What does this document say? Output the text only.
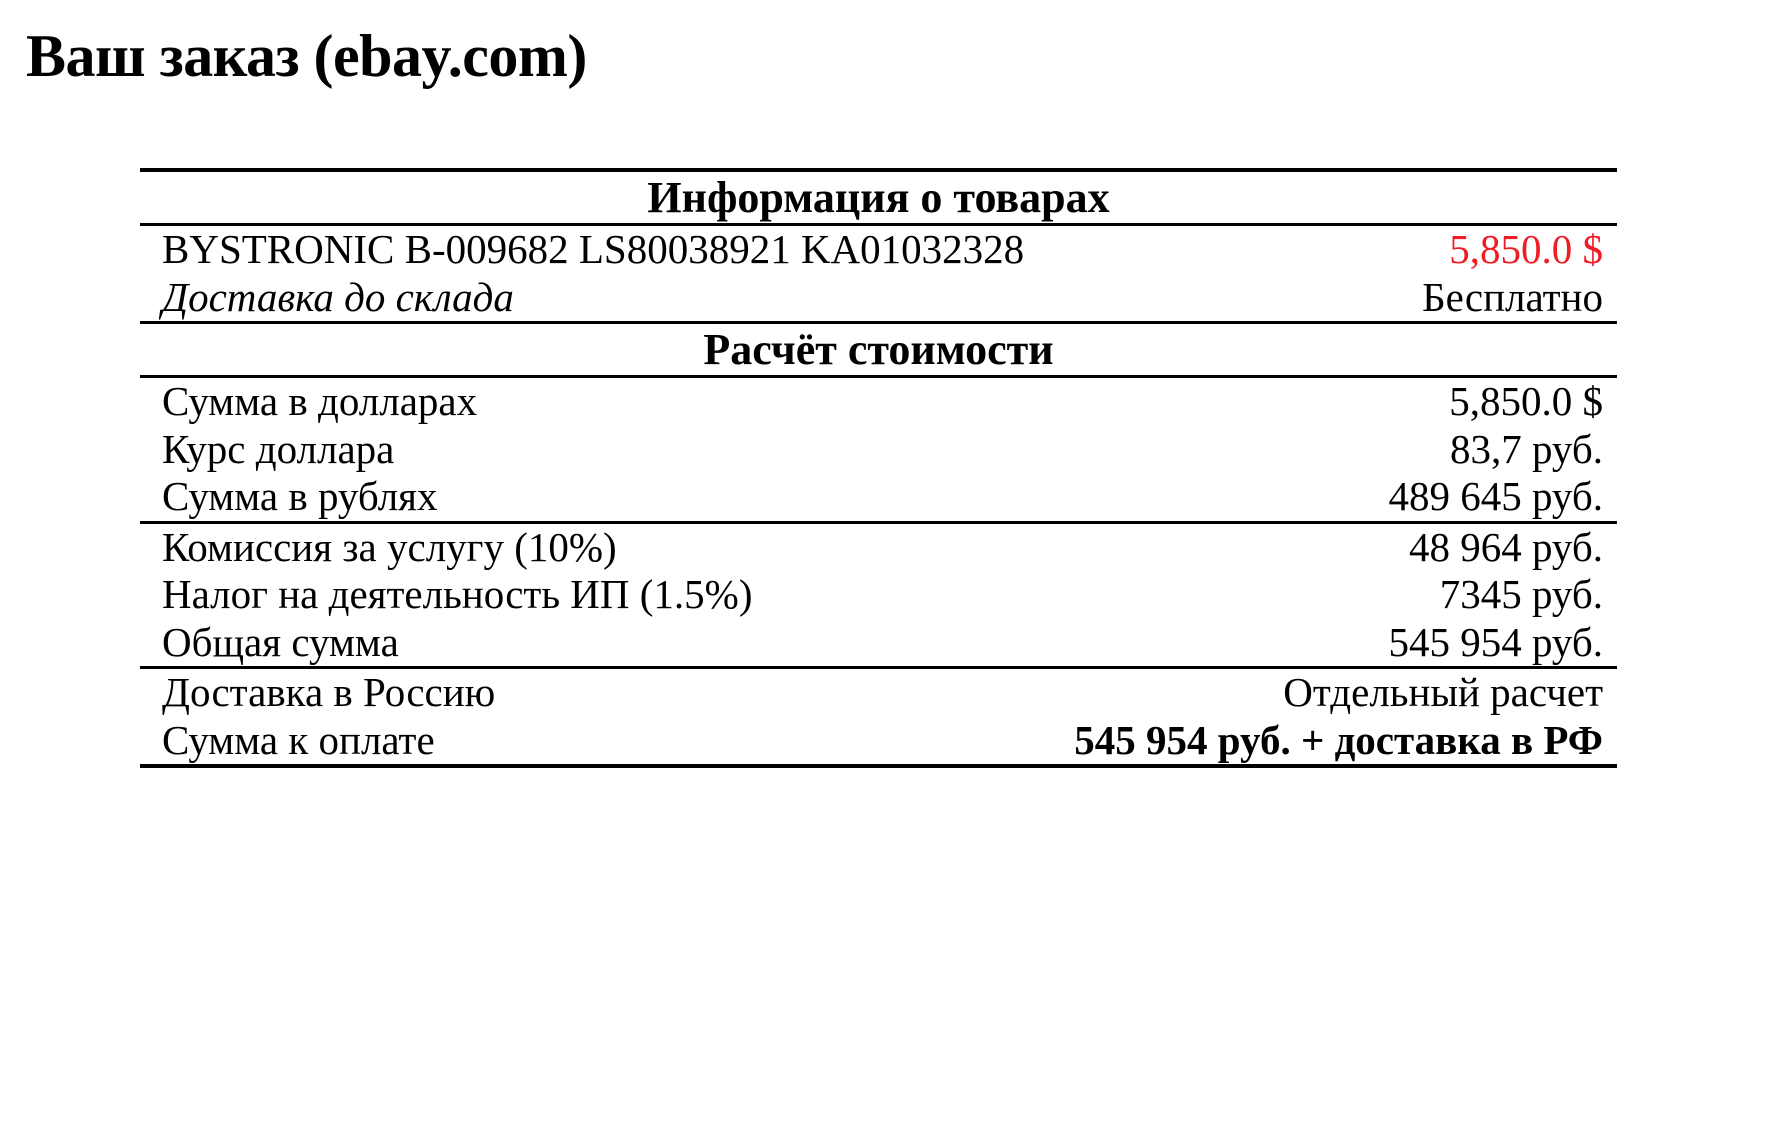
Ваш заказ (ebay.com)

Информация о товарах	

BYSTRONIC B-009682 LS80038921 KA01032328	5,850.0 $
Доставка до склада	Бесплатно

Расчёт стоимости	

Сумма в долларах	5,850.0 $
Курс доллара	83,7 руб.
Сумма в рублях	489 645 руб.

Комиссия за услугу (10%)	48 964 руб.
Налог на деятельность ИП (1.5%)	7345 руб.
Общая сумма	545 954 руб.

Доставка в Россию	Отдельный расчет
Сумма к оплате	545 954 руб. + доставка в РФ
